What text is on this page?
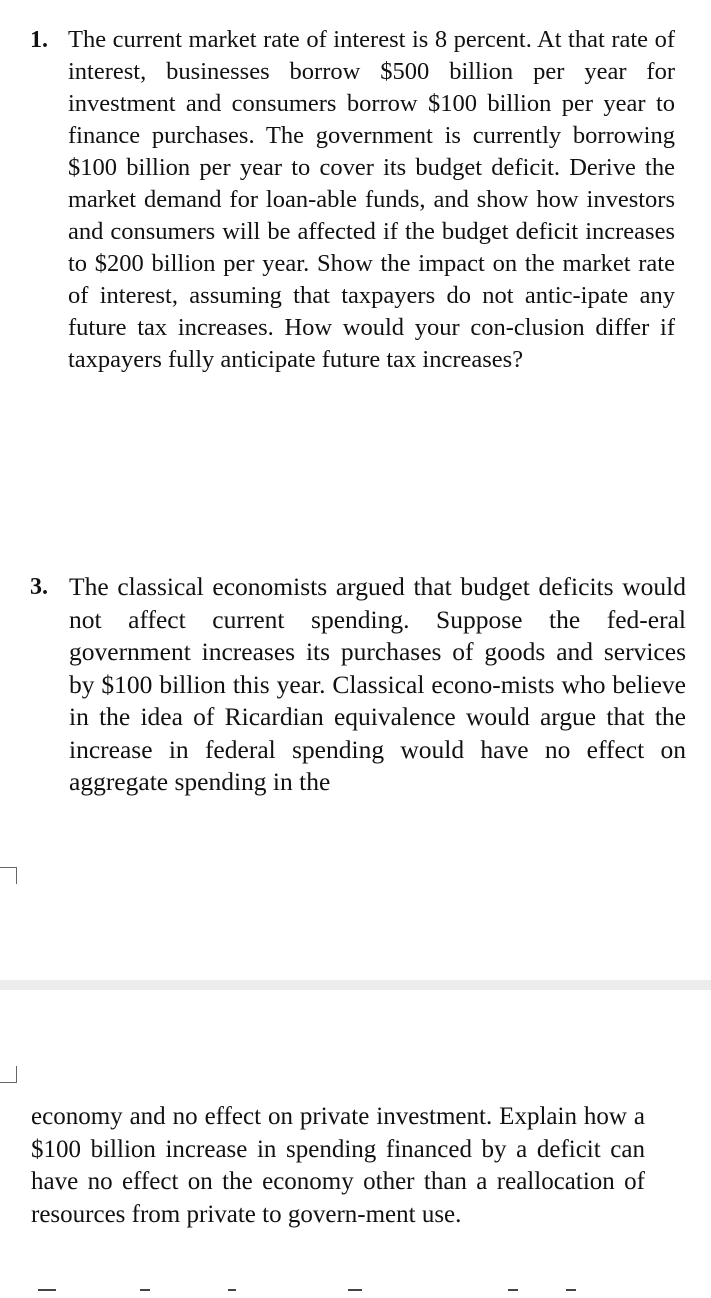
1. The current market rate of interest is 8 percent. At that rate of interest, businesses borrow $500 billion per year for investment and consumers borrow $100 billion per year to finance purchases. The government is currently borrowing $100 billion per year to cover its budget deficit. Derive the market demand for loan-able funds, and show how investors and consumers will be affected if the budget deficit increases to $200 billion per year. Show the impact on the market rate of interest, assuming that taxpayers do not antic-ipate any future tax increases. How would your con-clusion differ if taxpayers fully anticipate future tax increases?
3. The classical economists argued that budget deficits would not affect current spending. Suppose the fed-eral government increases its purchases of goods and services by $100 billion this year. Classical econo-mists who believe in the idea of Ricardian equivalence would argue that the increase in federal spending would have no effect on aggregate spending in the
economy and no effect on private investment. Explain how a $100 billion increase in spending financed by a deficit can have no effect on the economy other than a reallocation of resources from private to govern-ment use.
